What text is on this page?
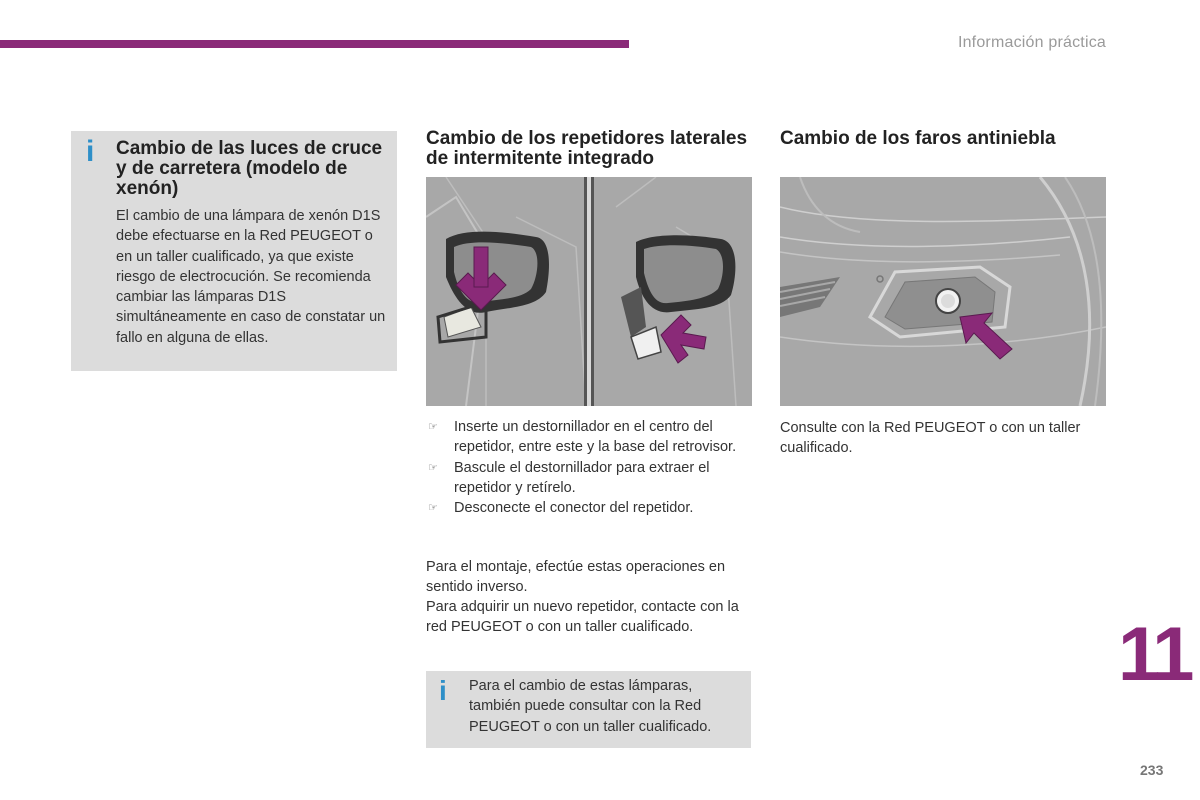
Información práctica
i Cambio de las luces de cruce y de carretera (modelo de xenón)
El cambio de una lámpara de xenón D1S debe efectuarse en la Red PEUGEOT o en un taller cualificado, ya que existe riesgo de electrocución. Se recomienda cambiar las lámparas D1S simultáneamente en caso de constatar un fallo en alguna de ellas.
Cambio de los repetidores laterales de intermitente integrado
☞ Inserte un destornillador en el centro del repetidor, entre este y la base del retrovisor.
☞ Bascule el destornillador para extraer el repetidor y retírelo.
☞ Desconecte el conector del repetidor.

Para el montaje, efectúe estas operaciones en sentido inverso.

Para adquirir un nuevo repetidor, contacte con la red PEUGEOT o con un taller cualificado.

i Para el cambio de estas lámparas, también puede consultar con la Red PEUGEOT o con un taller cualificado.
Cambio de los faros antiniebla

Consulte con la Red PEUGEOT o con un taller cualificado.

11
233
